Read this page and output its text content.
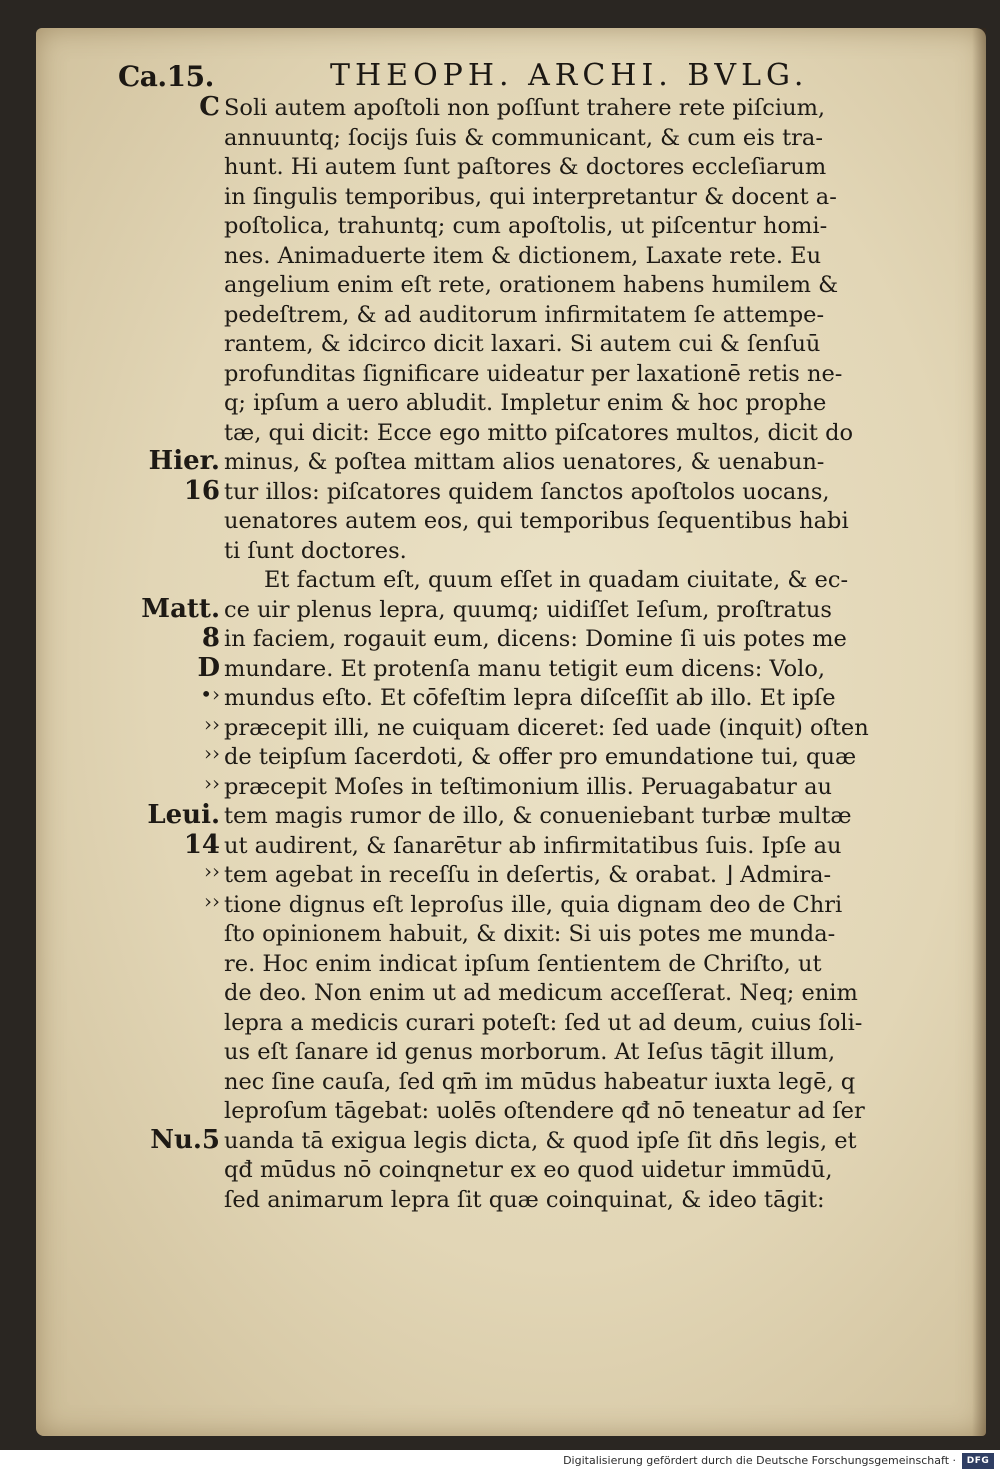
Ca.15.	THEOPH. ARCHI. BVLG.
C
Hier.
16
Matt.
8
D
•›
››
››
››
Leui.
14
››
››
Nu.5
Soli autem apoſtoli non poſſunt trahere rete piſcium,
annuuntq; ſocijs ſuis & communicant, & cum eis tra-
hunt. Hi autem ſunt paſtores & doctores eccleſiarum
in ſingulis temporibus, qui interpretantur & docent a-
poſtolica, trahuntq; cum apoſtolis, ut piſcentur homi-
nes. Animaduerte item & dictionem, Laxate rete. Eu
angelium enim eſt rete, orationem habens humilem &
pedeſtrem, & ad auditorum infirmitatem ſe attempe-
rantem, & idcirco dicit laxari. Si autem cui & ſenſuū
profunditas ſignificare uideatur per laxationē retis ne-
q; ipſum a uero abludit. Impletur enim & hoc prophe
tæ, qui dicit: Ecce ego mitto piſcatores multos, dicit do
minus, & poſtea mittam alios uenatores, & uenabun-
tur illos: piſcatores quidem ſanctos apoſtolos uocans,
uenatores autem eos, qui temporibus ſequentibus habi
ti ſunt doctores.
Et factum eſt, quum eſſet in quadam ciuitate, & ec-
ce uir plenus lepra, quumq; uidiſſet Ieſum, proſtratus
in faciem, rogauit eum, dicens: Domine ſi uis potes me
mundare. Et protenſa manu tetigit eum dicens: Volo,
mundus eſto. Et cōfeſtim lepra diſceſſit ab illo. Et ipſe
præcepit illi, ne cuiquam diceret: ſed uade (inquit) oſten
de teipſum ſacerdoti, & offer pro emundatione tui, quæ
præcepit Moſes in teſtimonium illis. Peruagabatur au
tem magis rumor de illo, & conueniebant turbæ multæ
ut audirent, & ſanarētur ab infirmitatibus ſuis. Ipſe au
tem agebat in receſſu in deſertis, & orabat. ⌋ Admira-
tione dignus eſt leproſus ille, quia dignam deo de Chri
ſto opinionem habuit, & dixit: Si uis potes me munda-
re. Hoc enim indicat ipſum ſentientem de Chriſto, ut
de deo. Non enim ut ad medicum acceſſerat. Neq; enim
lepra a medicis curari poteſt: ſed ut ad deum, cuius ſoli-
us eſt ſanare id genus morborum. At Ieſus tāgit illum,
nec ſine cauſa, ſed qm̄ im mūdus habeatur iuxta legē, q
leproſum tāgebat: uolēs oſtendere qđ nō teneatur ad ſer
uanda tā exigua legis dicta, & quod ipſe ſit dn̄s legis, et
qđ mūdus nō coinqnetur ex eo quod uidetur immūdū,
ſed animarum lepra ſit quæ coinquinat, & ideo tāgit:
Digitalisierung gefördert durch die Deutsche Forschungsgemeinschaft ·	DFG
